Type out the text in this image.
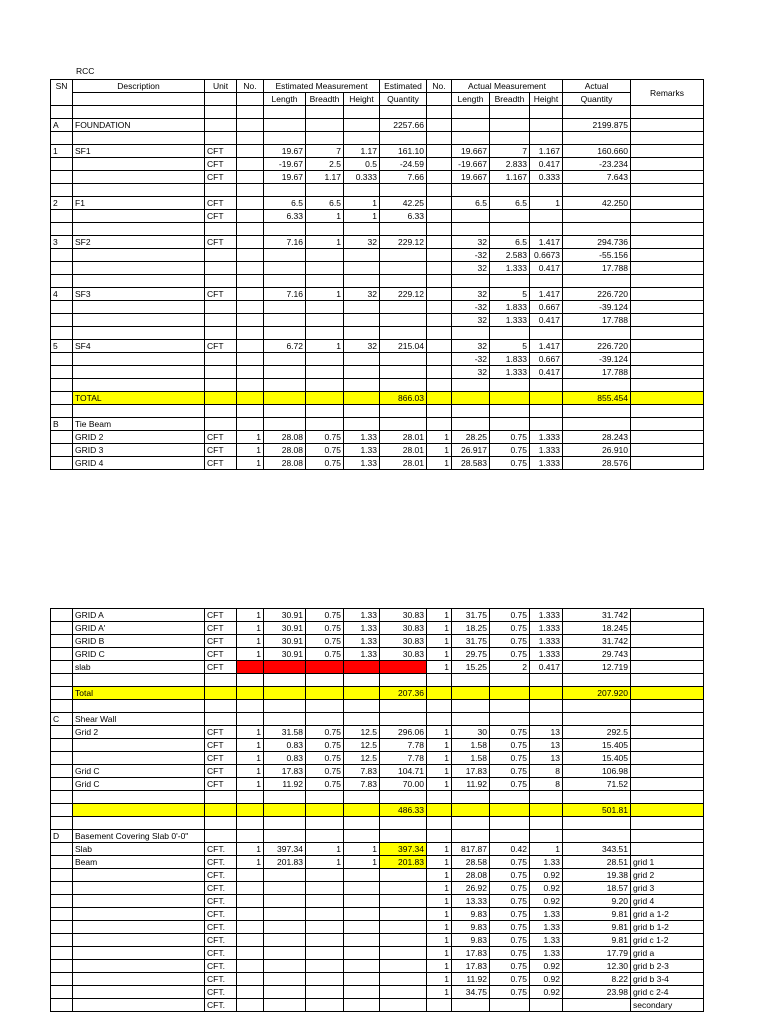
RCC
SN	Description	Unit	No.	Estimated Measurement			Estimated	No.	Actual Measurement			Actual	Remarks
				Length	Breadth	Height	Quantity		Length	Breadth	Height	Quantity	

A	FOUNDATION						2257.66					2199.875	

1	SF1	CFT		19.67	7	1.17	161.10		19.667	7	1.167	160.660	
		CFT		-19.67	2.5	0.5	-24.59		-19.667	2.833	0.417	-23.234	
		CFT		19.67	1.17	0.333	7.66		19.667	1.167	0.333	7.643	

2	F1	CFT		6.5	6.5	1	42.25		6.5	6.5	1	42.250	
		CFT		6.33	1	1	6.33						

3	SF2	CFT		7.16	1	32	229.12		32	6.5	1.417	294.736	
									-32	2.583	0.6673	-55.156	
									32	1.333	0.417	17.788	

4	SF3	CFT		7.16	1	32	229.12		32	5	1.417	226.720	
									-32	1.833	0.667	-39.124	
									32	1.333	0.417	17.788	

5	SF4	CFT		6.72	1	32	215.04		32	5	1.417	226.720	
									-32	1.833	0.667	-39.124	
									32	1.333	0.417	17.788	

	TOTAL						866.03					855.454	

B	Tie Beam												
	GRID 2	CFT	1	28.08	0.75	1.33	28.01	1	28.25	0.75	1.333	28.243	
	GRID 3	CFT	1	28.08	0.75	1.33	28.01	1	26.917	0.75	1.333	26.910	
	GRID 4	CFT	1	28.08	0.75	1.33	28.01	1	28.583	0.75	1.333	28.576	
	GRID A	CFT	1	30.91	0.75	1.33	30.83	1	31.75	0.75	1.333	31.742	
	GRID A'	CFT	1	30.91	0.75	1.33	30.83	1	18.25	0.75	1.333	18.245	
	GRID B	CFT	1	30.91	0.75	1.33	30.83	1	31.75	0.75	1.333	31.742	
	GRID C	CFT	1	30.91	0.75	1.33	30.83	1	29.75	0.75	1.333	29.743	
	slab	CFT						1	15.25	2	0.417	12.719	

	Total						207.36					207.920	

C	Shear Wall												
	Grid 2	CFT	1	31.58	0.75	12.5	296.06	1	30	0.75	13	292.5	
		CFT	1	0.83	0.75	12.5	7.78	1	1.58	0.75	13	15.405	
		CFT	1	0.83	0.75	12.5	7.78	1	1.58	0.75	13	15.405	
	Grid C	CFT	1	17.83	0.75	7.83	104.71	1	17.83	0.75	8	106.98	
	Grid C	CFT	1	11.92	0.75	7.83	70.00	1	11.92	0.75	8	71.52	

							486.33					501.81	

D	Basement Covering Slab 0'-0"												
	Slab	CFT.	1	397.34	1	1	397.34	1	817.87	0.42	1	343.51	
	Beam	CFT.	1	201.83	1	1	201.83	1	28.58	0.75	1.33	28.51	grid 1
		CFT.						1	28.08	0.75	0.92	19.38	grid 2
		CFT.						1	26.92	0.75	0.92	18.57	grid 3
		CFT.						1	13.33	0.75	0.92	9.20	grid 4
		CFT.						1	9.83	0.75	1.33	9.81	grid a 1-2
		CFT.						1	9.83	0.75	1.33	9.81	grid b 1-2
		CFT.						1	9.83	0.75	1.33	9.81	grid c 1-2
		CFT.						1	17.83	0.75	1.33	17.79	grid a
		CFT.						1	17.83	0.75	0.92	12.30	grid b 2-3
		CFT.						1	11.92	0.75	0.92	8.22	grid b 3-4
		CFT.						1	34.75	0.75	0.92	23.98	grid c 2-4
		CFT.											secondary
